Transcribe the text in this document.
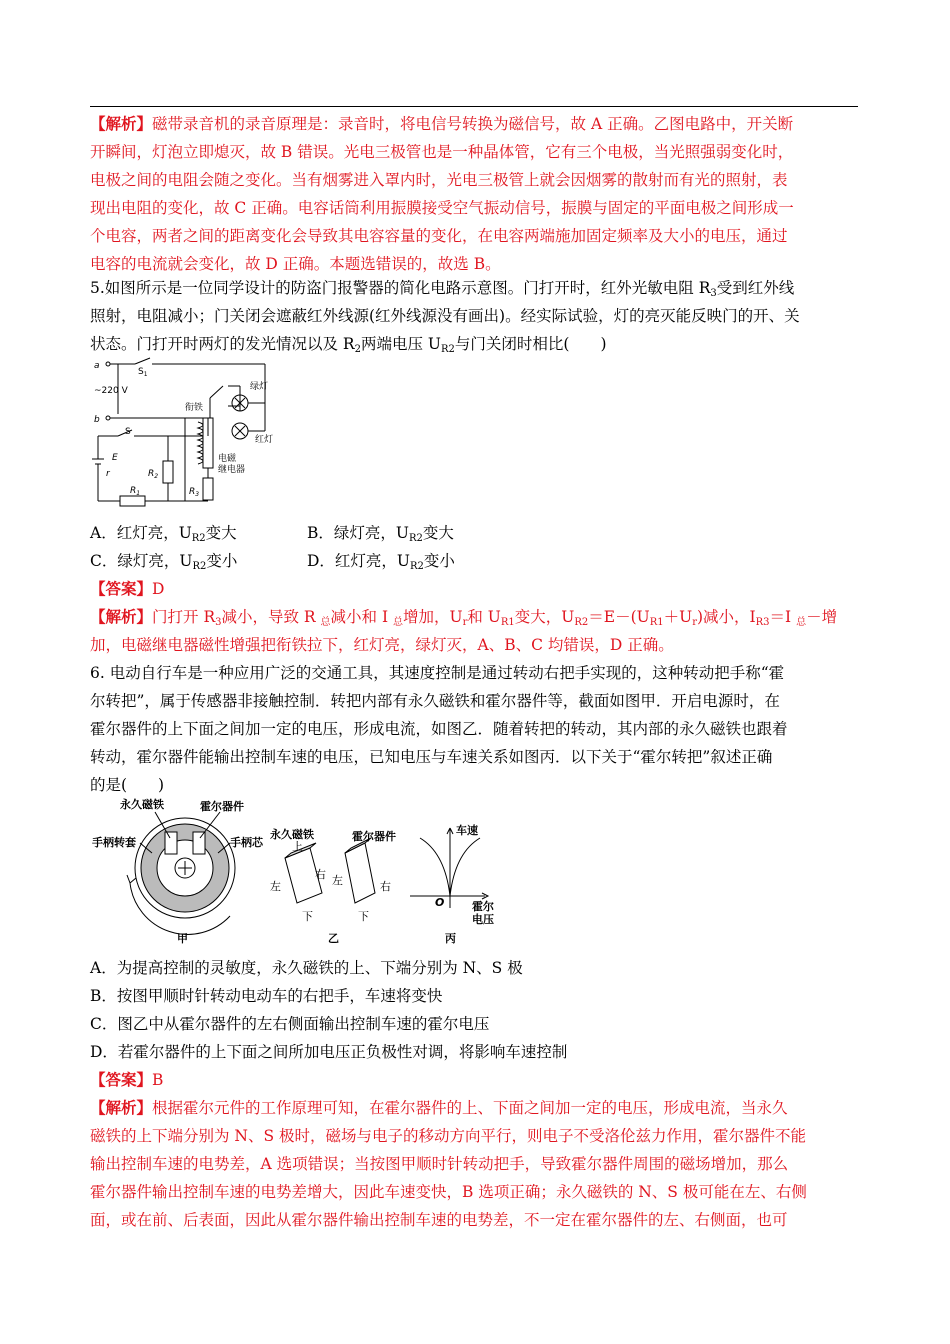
【解析】磁带录音机的录音原理是：录音时，将电信号转换为磁信号，故 A 正确。乙图电路中，开关断
开瞬间，灯泡立即熄灭，故 B 错误。光电三极管也是一种晶体管，它有三个电极，当光照强弱变化时，
电极之间的电阻会随之变化。当有烟雾进入罩内时，光电三极管上就会因烟雾的散射而有光的照射，表
现出电阻的变化，故 C 正确。电容话筒利用振膜接受空气振动信号，振膜与固定的平面电极之间形成一
个电容，两者之间的距离变化会导致其电容容量的变化，在电容两端施加固定频率及大小的电压，通过
电容的电流就会变化，故 D 正确。本题选错误的，故选 B。
5.如图所示是一位同学设计的防盗门报警器的简化电路示意图。门打开时，红外光敏电阻 $R_3$受到红外线
照射，电阻减小；门关闭会遮蔽红外线源(红外线源没有画出)。经实际试验，灯的亮灭能反映门的开、关
状态。门打开时两灯的发光情况以及 $R_2$两端电压 $U_{R2}$与门关闭时相比(　　)
a
$S_1$
~220 V
b
衔铁
绿灯
红灯
S
E
r	$R_2$
$R_1$	$R_3$
电磁
继电器
A．红灯亮，$U_{R2}$变大	B．绿灯亮，$U_{R2}$变大
C．绿灯亮，$U_{R2}$变小	D．红灯亮，$U_{R2}$变小
【答案】D
【解析】门打开 $R_3$减小，导致 R $_总$减小和 I $_总$增加，$U_r$和 $U_{R1}$变大，$U_{R2}=E-(U_{R1}+U_r)$减小，$I_{R3}=I$ $_总$－增
加，电磁继电器磁性增强把衔铁拉下，红灯亮，绿灯灭，A、B、C 均错误，D 正确。
6. 电动自行车是一种应用广泛的交通工具，其速度控制是通过转动右把手实现的，这种转动把手称“霍
尔转把”，属于传感器非接触控制．转把内部有永久磁铁和霍尔器件等，截面如图甲．开启电源时，在
霍尔器件的上下面之间加一定的电压，形成电流，如图乙．随着转把的转动，其内部的永久磁铁也跟着
转动，霍尔器件能输出控制车速的电压，已知电压与车速关系如图丙．以下关于“霍尔转把”叙述正确
的是(　　)
永久磁铁	霍尔器件
手柄转套	手柄芯
甲
永久磁铁	霍尔器件
上
下
左
右
下
左	右
乙
车速
O	霍尔
电压
丙
A．为提高控制的灵敏度，永久磁铁的上、下端分别为 N、S 极
B．按图甲顺时针转动电动车的右把手，车速将变快
C．图乙中从霍尔器件的左右侧面输出控制车速的霍尔电压
D．若霍尔器件的上下面之间所加电压正负极性对调，将影响车速控制
【答案】B
【解析】根据霍尔元件的工作原理可知，在霍尔器件的上、下面之间加一定的电压，形成电流，当永久
磁铁的上下端分别为 N、S 极时，磁场与电子的移动方向平行，则电子不受洛伦兹力作用，霍尔器件不能
输出控制车速的电势差，A 选项错误；当按图甲顺时针转动把手，导致霍尔器件周围的磁场增加，那么
霍尔器件输出控制车速的电势差增大，因此车速变快，B 选项正确；永久磁铁的 N、S 极可能在左、右侧
面，或在前、后表面，因此从霍尔器件输出控制车速的电势差，不一定在霍尔器件的左、右侧面，也可
